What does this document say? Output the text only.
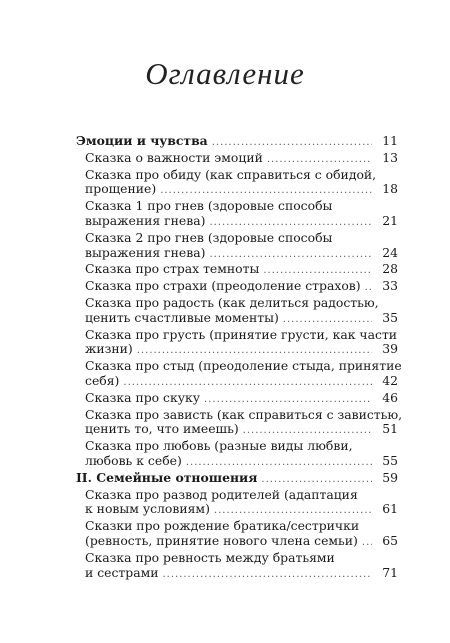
Оглавление
Эмоции и чувства .....	11
Сказка о важности эмоций .....	13
Сказка про обиду (как справиться с обидой,
прощение) .....	18
Сказка 1 про гнев (здоровые способы
выражения гнева) .....	21
Сказка 2 про гнев (здоровые способы
выражения гнева) .....	24
Сказка про страх темноты .....	28
Сказка про страхи (преодоление страхов) .....	33
Сказка про радость (как делиться радостью,
ценить счастливые моменты) .....	35
Сказка про грусть (принятие грусти, как части
жизни) .....	39
Сказка про стыд (преодоление стыда, принятие
себя) .....	42
Сказка про скуку .....	46
Сказка про зависть (как справиться с завистью,
ценить то, что имеешь) .....	51
Сказка про любовь (разные виды любви,
любовь к себе) .....	55
II. Семейные отношения .....	59
Сказка про развод родителей (адаптация
к новым условиям) .....	61
Сказки про рождение братика/сестрички
(ревность, принятие нового члена семьи) .....	65
Сказка про ревность между братьями
и сестрами .....	71
